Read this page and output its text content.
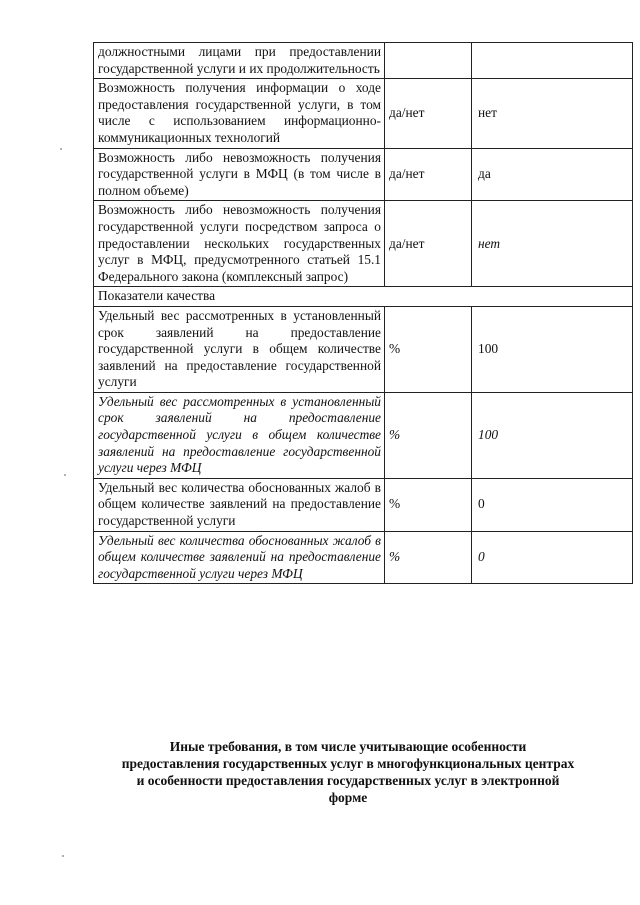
должностными лицами при предоставлении государственной услуги и их продолжительность		
Возможность получения информации о ходе предоставления государственной услуги, в том числе с использованием информационно-коммуникационных технологий	да/нет	нет
Возможность либо невозможность получения государственной услуги в МФЦ (в том числе в полном объеме)	да/нет	да
Возможность либо невозможность получения государственной услуги посредством запроса о предоставлении нескольких государственных услуг в МФЦ, предусмотренного статьей 15.1 Федерального закона (комплексный запрос)	да/нет	нет
Показатели качества		
Удельный вес рассмотренных в установленный срок заявлений на предоставление государственной услуги в общем количестве заявлений на предоставление государственной услуги	%	100
Удельный вес рассмотренных в установленный срок заявлений на предоставление государственной услуги в общем количестве заявлений на предоставление государственной услуги через МФЦ	%	100
Удельный вес количества обоснованных жалоб в общем количестве заявлений на предоставление государственной услуги	%	0
Удельный вес количества обоснованных жалоб в общем количестве заявлений на предоставление государственной услуги через МФЦ	%	0
Иные требования, в том числе учитывающие особенности предоставления государственных услуг в многофункциональных центрах и особенности предоставления государственных услуг в электронной форме
